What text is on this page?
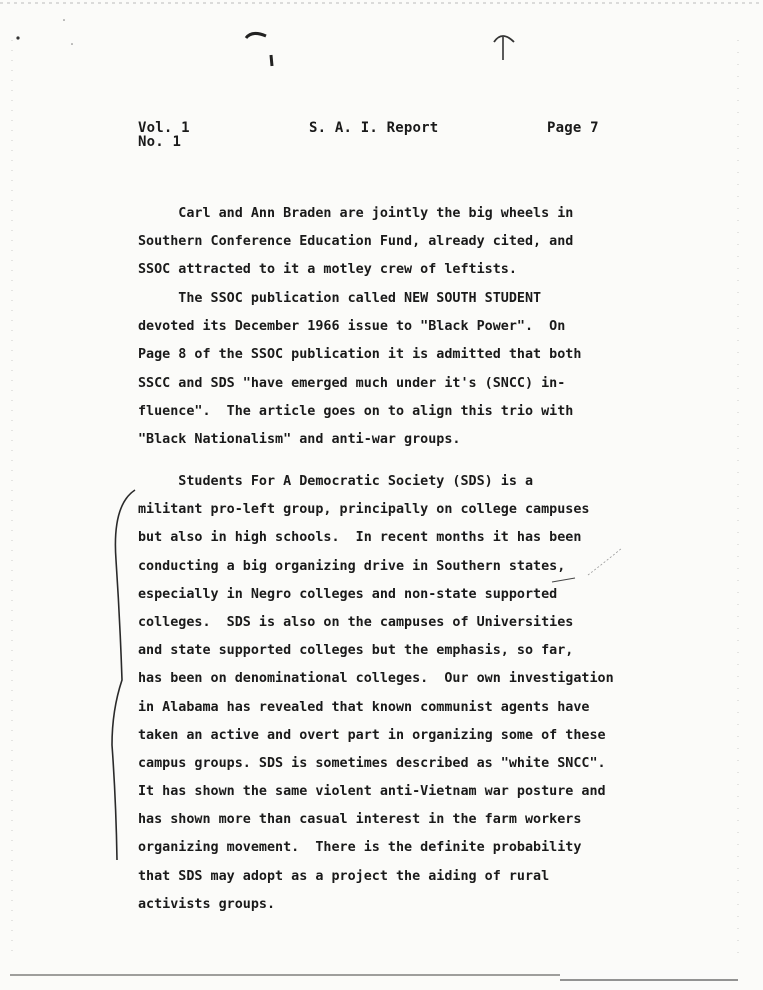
Vol. 1
No. 1
S. A. I. Report	Page 7
Carl and Ann Braden are jointly the big wheels in
Southern Conference Education Fund, already cited, and
SSOC attracted to it a motley crew of leftists.
The SSOC publication called NEW SOUTH STUDENT
devoted its December 1966 issue to "Black Power".  On
Page 8 of the SSOC publication it is admitted that both
SSCC and SDS "have emerged much under it's (SNCC) in-
fluence".  The article goes on to align this trio with
"Black Nationalism" and anti-war groups.
Students For A Democratic Society (SDS) is a
militant pro-left group, principally on college campuses
but also in high schools.  In recent months it has been
conducting a big organizing drive in Southern states,
especially in Negro colleges and non-state supported
colleges.  SDS is also on the campuses of Universities
and state supported colleges but the emphasis, so far,
has been on denominational colleges.  Our own investigation
in Alabama has revealed that known communist agents have
taken an active and overt part in organizing some of these
campus groups. SDS is sometimes described as "white SNCC".
It has shown the same violent anti-Vietnam war posture and
has shown more than casual interest in the farm workers
organizing movement.  There is the definite probability
that SDS may adopt as a project the aiding of rural
activists groups.
